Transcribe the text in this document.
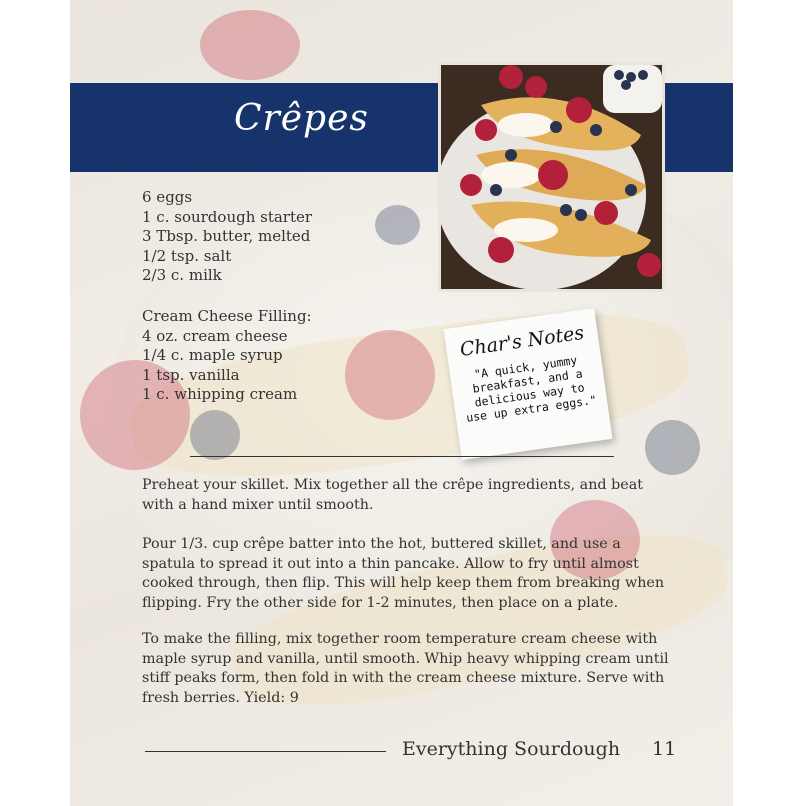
Crêpes
6 eggs
1 c. sourdough starter
3 Tbsp. butter, melted
1/2 tsp. salt
2/3 c. milk
Cream Cheese Filling:
4 oz. cream cheese
1/4 c. maple syrup
1 tsp. vanilla
1 c. whipping cream
Char's Notes
"A quick, yummy breakfast, and a delicious way to use up extra eggs."
Preheat your skillet. Mix together all the crêpe ingredients, and beat with a hand mixer until smooth.
Pour 1/3. cup crêpe batter into the hot, buttered skillet, and use a spatula to spread it out into a thin pancake. Allow to fry until almost cooked through, then flip. This will help keep them from breaking when flipping. Fry the other side for 1-2 minutes, then place on a plate.
To make the filling, mix together room temperature cream cheese with maple syrup and vanilla, until smooth. Whip heavy whipping cream until stiff peaks form, then fold in with the cream cheese mixture. Serve with fresh berries. Yield: 9
Everything Sourdough 11
